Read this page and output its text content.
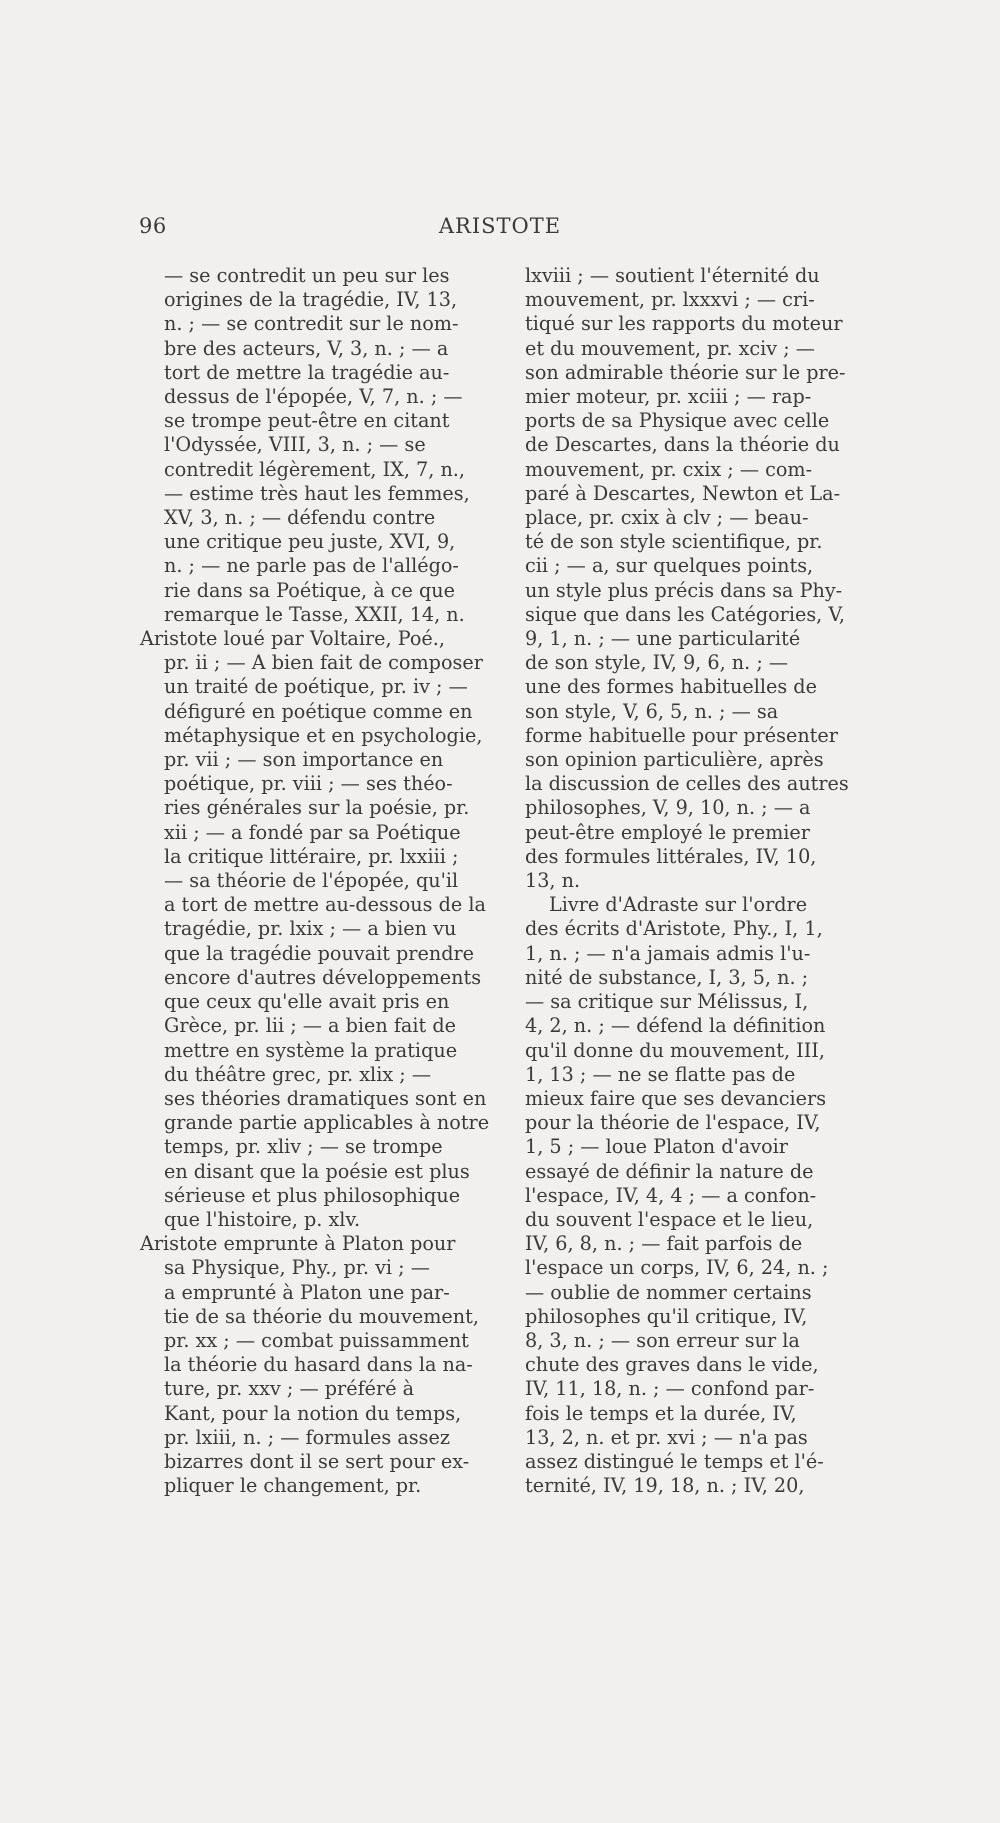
96	ARISTOTE
— se contredit un peu sur les
origines de la tragédie, IV, 13,
n. ; — se contredit sur le nom-
bre des acteurs, V, 3, n. ; — a
tort de mettre la tragédie au-
dessus de l'épopée, V, 7, n. ; —
se trompe peut-être en citant
l'Odyssée, VIII, 3, n. ; — se
contredit légèrement, IX, 7, n.,
— estime très haut les femmes,
XV, 3, n. ; — défendu contre
une critique peu juste, XVI, 9,
n. ; — ne parle pas de l'allégo-
rie dans sa Poétique, à ce que
remarque le Tasse, XXII, 14, n.
Aristote loué par Voltaire, Poé.,
pr. ii ; — A bien fait de composer
un traité de poétique, pr. iv ; —
défiguré en poétique comme en
métaphysique et en psychologie,
pr. vii ; — son importance en
poétique, pr. viii ; — ses théo-
ries générales sur la poésie, pr.
xii ; — a fondé par sa Poétique
la critique littéraire, pr. lxxiii ;
— sa théorie de l'épopée, qu'il
a tort de mettre au-dessous de la
tragédie, pr. lxix ; — a bien vu
que la tragédie pouvait prendre
encore d'autres développements
que ceux qu'elle avait pris en
Grèce, pr. lii ; — a bien fait de
mettre en système la pratique
du théâtre grec, pr. xlix ; —
ses théories dramatiques sont en
grande partie applicables à notre
temps, pr. xliv ; — se trompe
en disant que la poésie est plus
sérieuse et plus philosophique
que l'histoire, p. xlv.
Aristote emprunte à Platon pour
sa Physique, Phy., pr. vi ; —
a emprunté à Platon une par-
tie de sa théorie du mouvement,
pr. xx ; — combat puissamment
la théorie du hasard dans la na-
ture, pr. xxv ; — préféré à
Kant, pour la notion du temps,
pr. lxiii, n. ; — formules assez
bizarres dont il se sert pour ex-
pliquer le changement, pr.
lxviii ; — soutient l'éternité du
mouvement, pr. lxxxvi ; — cri-
tiqué sur les rapports du moteur
et du mouvement, pr. xciv ; —
son admirable théorie sur le pre-
mier moteur, pr. xciii ; — rap-
ports de sa Physique avec celle
de Descartes, dans la théorie du
mouvement, pr. cxix ; — com-
paré à Descartes, Newton et La-
place, pr. cxix à clv ; — beau-
té de son style scientifique, pr.
cii ; — a, sur quelques points,
un style plus précis dans sa Phy-
sique que dans les Catégories, V,
9, 1, n. ; — une particularité
de son style, IV, 9, 6, n. ; —
une des formes habituelles de
son style, V, 6, 5, n. ; — sa
forme habituelle pour présenter
son opinion particulière, après
la discussion de celles des autres
philosophes, V, 9, 10, n. ; — a
peut-être employé le premier
des formules littérales, IV, 10,
13, n.
Livre d'Adraste sur l'ordre
des écrits d'Aristote, Phy., I, 1,
1, n. ; — n'a jamais admis l'u-
nité de substance, I, 3, 5, n. ;
— sa critique sur Mélissus, I,
4, 2, n. ; — défend la définition
qu'il donne du mouvement, III,
1, 13 ; — ne se flatte pas de
mieux faire que ses devanciers
pour la théorie de l'espace, IV,
1, 5 ; — loue Platon d'avoir
essayé de définir la nature de
l'espace, IV, 4, 4 ; — a confon-
du souvent l'espace et le lieu,
IV, 6, 8, n. ; — fait parfois de
l'espace un corps, IV, 6, 24, n. ;
— oublie de nommer certains
philosophes qu'il critique, IV,
8, 3, n. ; — son erreur sur la
chute des graves dans le vide,
IV, 11, 18, n. ; — confond par-
fois le temps et la durée, IV,
13, 2, n. et pr. xvi ; — n'a pas
assez distingué le temps et l'é-
ternité, IV, 19, 18, n. ; IV, 20,
